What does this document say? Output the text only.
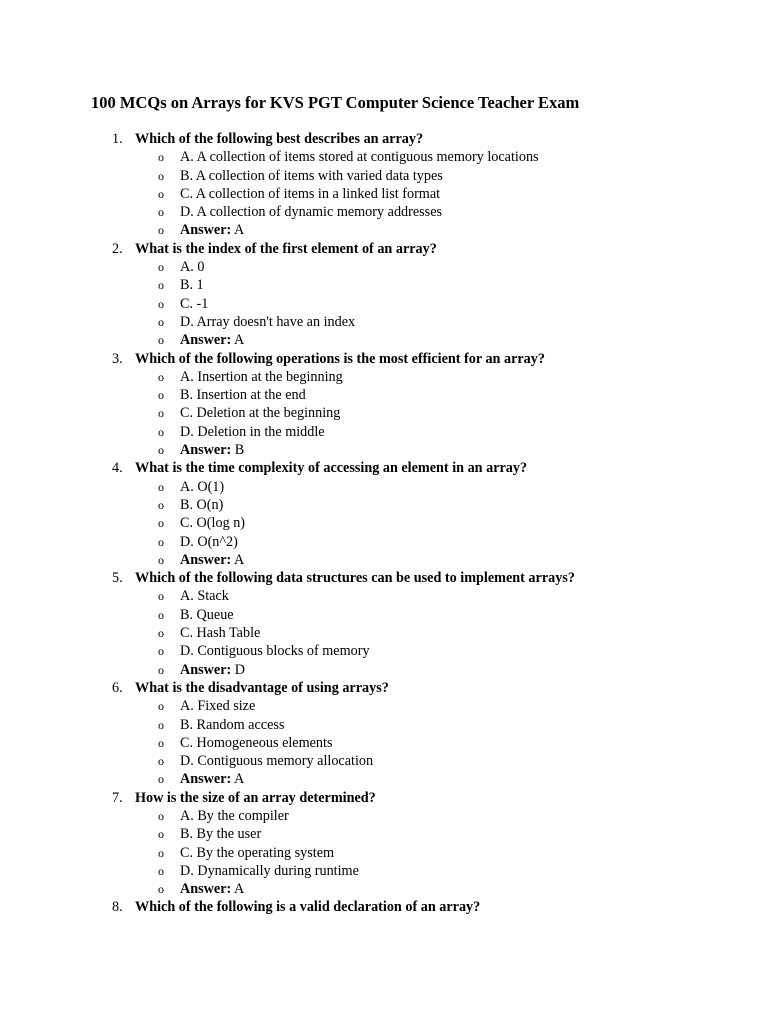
100 MCQs on Arrays for KVS PGT Computer Science Teacher Exam
1. Which of the following best describes an array?
o A. A collection of items stored at contiguous memory locations
o B. A collection of items with varied data types
o C. A collection of items in a linked list format
o D. A collection of dynamic memory addresses
o Answer: A
2. What is the index of the first element of an array?
o A. 0
o B. 1
o C. -1
o D. Array doesn't have an index
o Answer: A
3. Which of the following operations is the most efficient for an array?
o A. Insertion at the beginning
o B. Insertion at the end
o C. Deletion at the beginning
o D. Deletion in the middle
o Answer: B
4. What is the time complexity of accessing an element in an array?
o A. O(1)
o B. O(n)
o C. O(log n)
o D. O(n^2)
o Answer: A
5. Which of the following data structures can be used to implement arrays?
o A. Stack
o B. Queue
o C. Hash Table
o D. Contiguous blocks of memory
o Answer: D
6. What is the disadvantage of using arrays?
o A. Fixed size
o B. Random access
o C. Homogeneous elements
o D. Contiguous memory allocation
o Answer: A
7. How is the size of an array determined?
o A. By the compiler
o B. By the user
o C. By the operating system
o D. Dynamically during runtime
o Answer: A
8. Which of the following is a valid declaration of an array?
